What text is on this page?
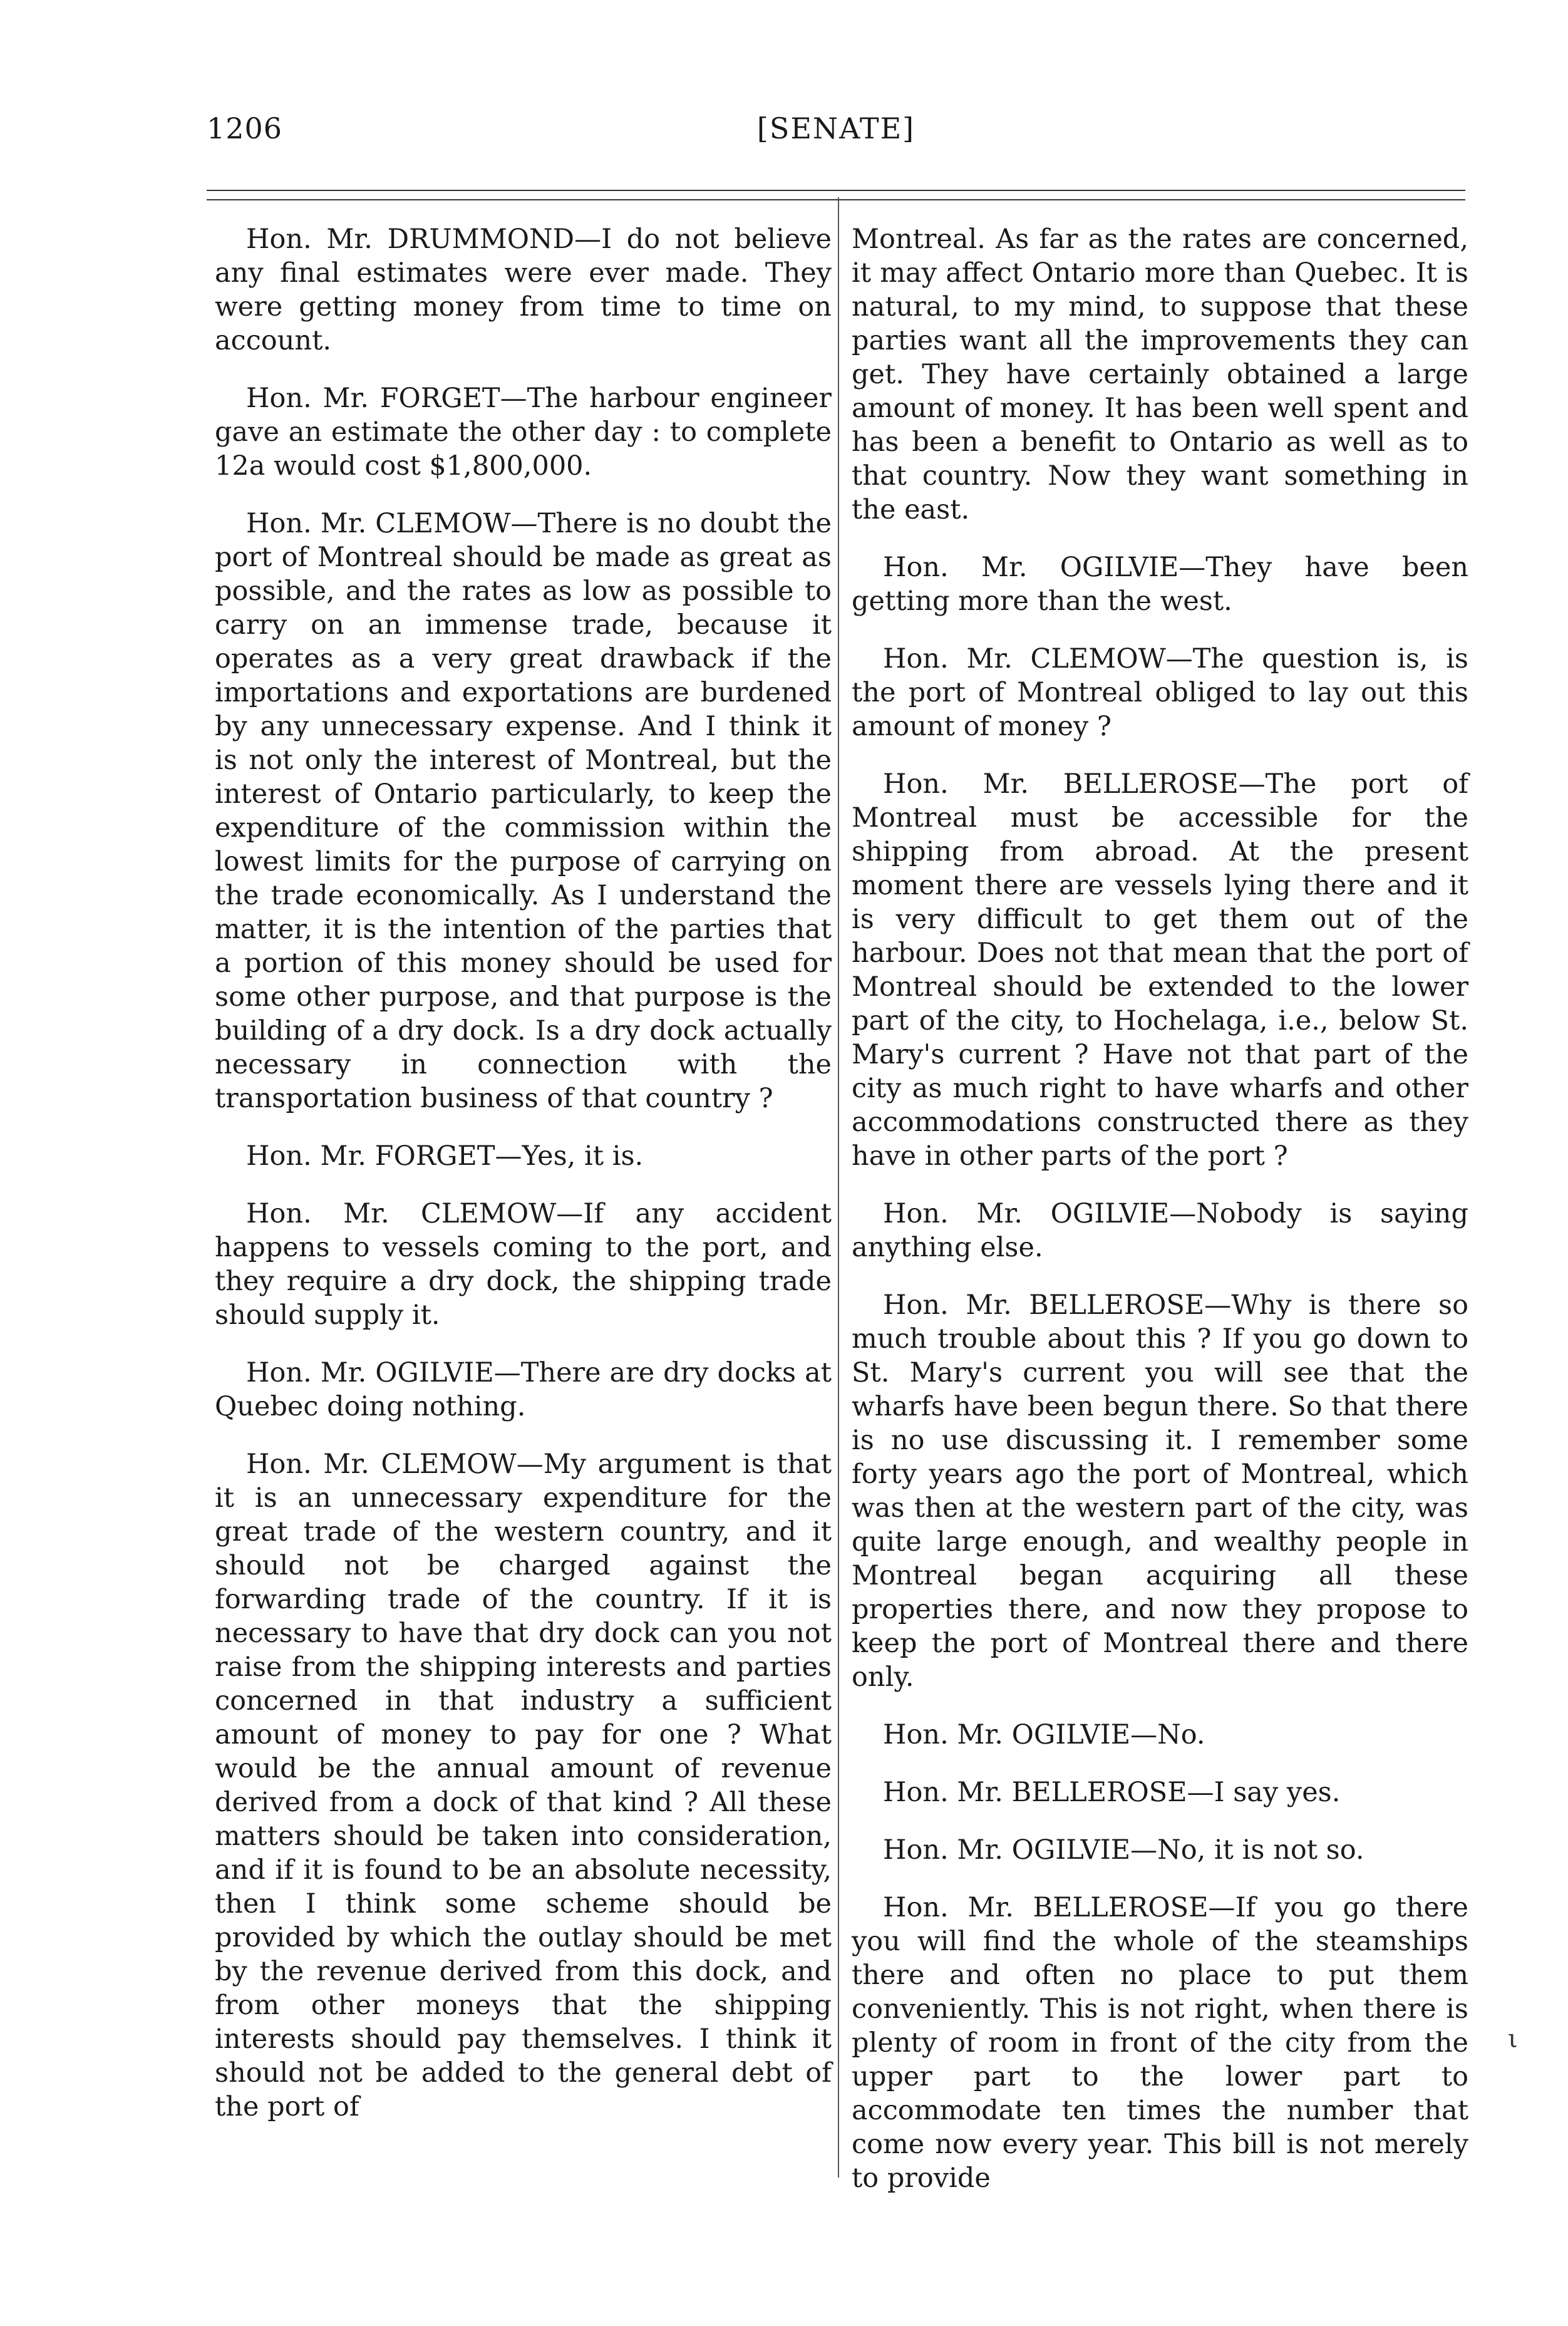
1206	[SENATE]

Hon. Mr. DRUMMOND—I do not believe any final estimates were ever made. They were getting money from time to time on account.

Hon. Mr. FORGET—The harbour engineer gave an estimate the other day : to complete 12a would cost $1,800,000.

Hon. Mr. CLEMOW—There is no doubt the port of Montreal should be made as great as possible, and the rates as low as possible to carry on an immense trade, because it operates as a very great drawback if the importations and exportations are burdened by any unnecessary expense. And I think it is not only the interest of Montreal, but the interest of Ontario particularly, to keep the expenditure of the commission within the lowest limits for the purpose of carrying on the trade economically. As I understand the matter, it is the intention of the parties that a portion of this money should be used for some other purpose, and that purpose is the building of a dry dock. Is a dry dock actually necessary in connection with the transportation business of that country ?

Hon. Mr. FORGET—Yes, it is.

Hon. Mr. CLEMOW—If any accident happens to vessels coming to the port, and they require a dry dock, the shipping trade should supply it.

Hon. Mr. OGILVIE—There are dry docks at Quebec doing nothing.

Hon. Mr. CLEMOW—My argument is that it is an unnecessary expenditure for the great trade of the western country, and it should not be charged against the forwarding trade of the country. If it is necessary to have that dry dock can you not raise from the shipping interests and parties concerned in that industry a sufficient amount of money to pay for one ? What would be the annual amount of revenue derived from a dock of that kind ? All these matters should be taken into consideration, and if it is found to be an absolute necessity, then I think some scheme should be provided by which the outlay should be met by the revenue derived from this dock, and from other moneys that the shipping interests should pay themselves. I think it should not be added to the general debt of the port of

Montreal. As far as the rates are concerned, it may affect Ontario more than Quebec. It is natural, to my mind, to suppose that these parties want all the improvements they can get. They have certainly obtained a large amount of money. It has been well spent and has been a benefit to Ontario as well as to that country. Now they want something in the east.

Hon. Mr. OGILVIE—They have been getting more than the west.

Hon. Mr. CLEMOW—The question is, is the port of Montreal obliged to lay out this amount of money ?

Hon. Mr. BELLEROSE—The port of Montreal must be accessible for the shipping from abroad. At the present moment there are vessels lying there and it is very difficult to get them out of the harbour. Does not that mean that the port of Montreal should be extended to the lower part of the city, to Hochelaga, i.e., below St. Mary's current ? Have not that part of the city as much right to have wharfs and other accommodations constructed there as they have in other parts of the port ?

Hon. Mr. OGILVIE—Nobody is saying anything else.

Hon. Mr. BELLEROSE—Why is there so much trouble about this ? If you go down to St. Mary's current you will see that the wharfs have been begun there. So that there is no use discussing it. I remember some forty years ago the port of Montreal, which was then at the western part of the city, was quite large enough, and wealthy people in Montreal began acquiring all these properties there, and now they propose to keep the port of Montreal there and there only.

Hon. Mr. OGILVIE—No.

Hon. Mr. BELLEROSE—I say yes.

Hon. Mr. OGILVIE—No, it is not so.

Hon. Mr. BELLEROSE—If you go there you will find the whole of the steamships there and often no place to put them conveniently. This is not right, when there is plenty of room in front of the city from the upper part to the lower part to accommodate ten times the number that come now every year. This bill is not merely to provide

ι
